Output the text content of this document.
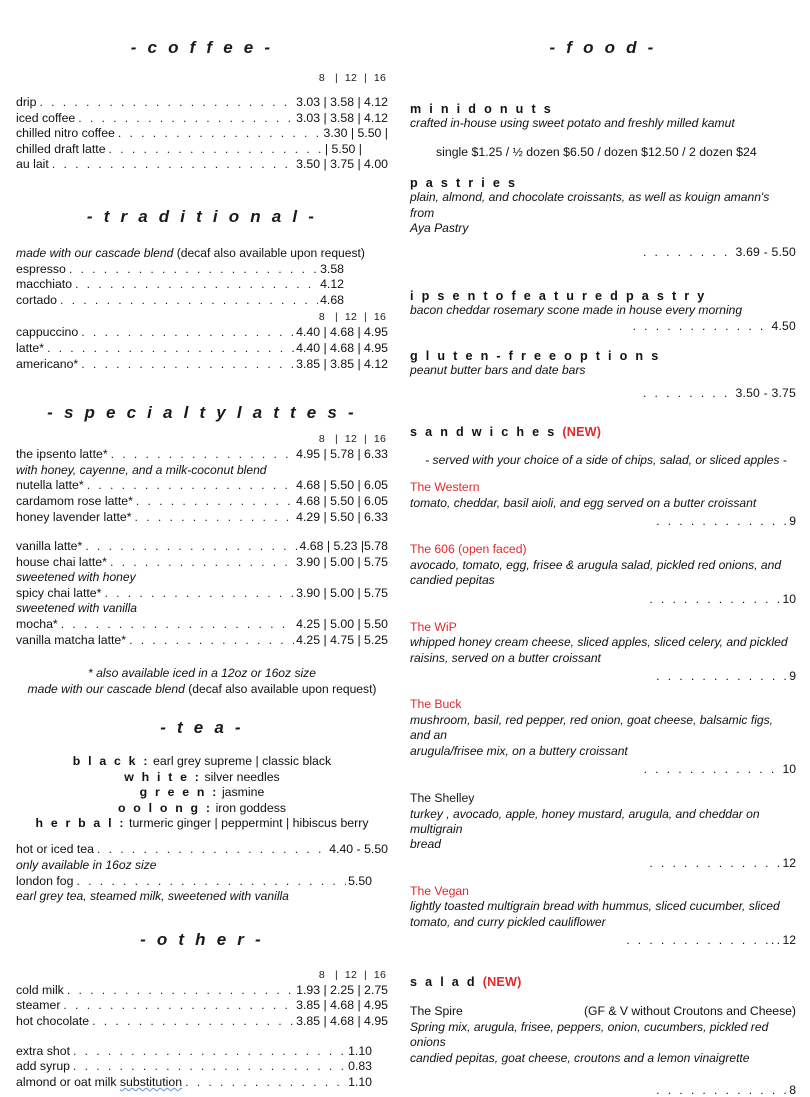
- c o f f e e -
8 | 12 | 16
drip . . .	3.03 | 3.58 | 4.12
iced coffee . . .	3.03 | 3.58 | 4.12
chilled nitro coffee . . .	3.30 | 5.50 |
chilled draft latte . . .	| 5.50 |
au lait . . .	3.50 | 3.75 | 4.00
- t r a d i t i o n a l -
made with our cascade blend (decaf also available upon request)
espresso . . .	3.58
macchiato . . .	4.12
cortado . . .	4.68
8 | 12 | 16
cappuccino . . .	4.40 | 4.68 | 4.95
latte* . . .	4.40 | 4.68 | 4.95
americano* . . .	3.85 | 3.85 | 4.12
- s p e c i a l t y l a t t e s -
8 | 12 | 16
the ipsento latte* . . .	4.95 | 5.78 | 6.33
with honey, cayenne, and a milk-coconut blend
nutella latte* . . .	4.68 | 5.50 | 6.05
cardamom rose latte* . . .	4.68 | 5.50 | 6.05
honey lavender latte* . . .	4.29 | 5.50 | 6.33
vanilla latte* . . .	4.68 | 5.23 |5.78
house chai latte* . . .	3.90 | 5.00 | 5.75
sweetened with honey
spicy chai latte* . . .	3.90 | 5.00 | 5.75
sweetened with vanilla
mocha* . . .	4.25 | 5.00 | 5.50
vanilla matcha latte* . . .	4.25 | 4.75 | 5.25
* also available iced in a 12oz or 16oz size
made with our cascade blend (decaf also available upon request)
- t e a -
b l a c k : earl grey supreme | classic black
w h i t e : silver needles
g r e e n : jasmine
o o l o n g : iron goddess
h e r b a l : turmeric ginger | peppermint | hibiscus berry
hot or iced tea . . .	4.40 - 5.50
only available in 16oz size
london fog . . .	5.50
earl grey tea, steamed milk, sweetened with vanilla
- o t h e r -
8 | 12 | 16
cold milk . . .	1.93 | 2.25 | 2.75
steamer . . .	3.85 | 4.68 | 4.95
hot chocolate . . .	3.85 | 4.68 | 4.95
extra shot . . .	1.10
add syrup . . .	0.83
almond or oat milk substitution . . .	1.10
- f o o d -
m i n i d o n u t s
crafted in-house using sweet potato and freshly milled kamut
single $1.25 / ½ dozen $6.50 / dozen $12.50 / 2 dozen $24
p a s t r i e s
plain, almond, and chocolate croissants, as well as kouign amann's from
Aya Pastry
. . . . . . . . 3.69 - 5.50
i p s e n t o f e a t u r e d p a s t r y
bacon cheddar rosemary scone made in house every morning
. . . . . . . . . . . . 4.50
g l u t e n - f r e e o p t i o n s
peanut butter bars and date bars
. . . . . . . . 3.50 - 3.75
s a n d w i c h e s (NEW)
- served with your choice of a side of chips, salad, or sliced apples -
The Western
tomato, cheddar, basil aioli, and egg served on a butter croissant
. . . . . . . . . . . .9
The 606 (open faced)
avocado, tomato, egg, frisee & arugula salad, pickled red onions, and
candied pepitas
. . . . . . . . . . . .10
The WiP
whipped honey cream cheese, sliced apples, sliced celery, and pickled
raisins, served on a butter croissant
. . . . . . . . . . . .9
The Buck
mushroom, basil, red pepper, red onion, goat cheese, balsamic figs, and an
arugula/frisee mix, on a buttery croissant
. . . . . . . . . . . . 10
The Shelley
turkey , avocado, apple, honey mustard, arugula, and cheddar on multigrain
bread
. . . . . . . . . . . .12
The Vegan
lightly toasted multigrain bread with hummus, sliced cucumber, sliced
tomato, and curry pickled cauliflower
. . . . . . . . . . . . ...12
s a l a d (NEW)
The Spire	(GF & V without Croutons and Cheese)
Spring mix, arugula, frisee, peppers, onion, cucumbers, pickled red onions
candied pepitas, goat cheese, croutons and a lemon vinaigrette
. . . . . . . . . . . .8
